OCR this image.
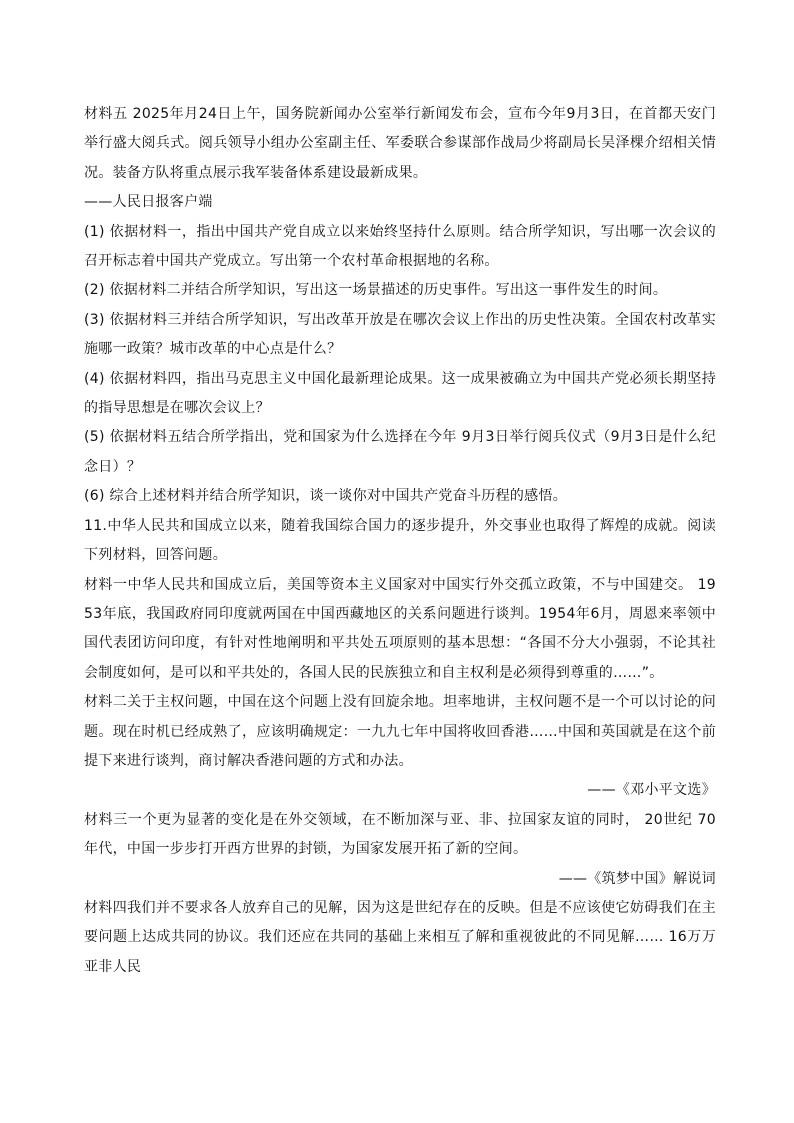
材料五 2025年月24日上午，国务院新闻办公室举行新闻发布会，宣布今年9月3日，在首都天安门举行盛大阅兵式。阅兵领导小组办公室副主任、军委联合参谋部作战局少将副局长吴泽棵介绍相关情况。装备方队将重点展示我军装备体系建设最新成果。

——人民日报客户端

(1) 依据材料一，指出中国共产党自成立以来始终坚持什么原则。结合所学知识，写出哪一次会议的召开标志着中国共产党成立。写出第一个农村革命根据地的名称。

(2) 依据材料二并结合所学知识，写出这一场景描述的历史事件。写出这一事件发生的时间。

(3) 依据材料三并结合所学知识，写出改革开放是在哪次会议上作出的历史性决策。全国农村改革实施哪一政策？城市改革的中心点是什么？

(4) 依据材料四，指出马克思主义中国化最新理论成果。这一成果被确立为中国共产党必须长期坚持的指导思想是在哪次会议上？

(5) 依据材料五结合所学指出，党和国家为什么选择在今年 9月3日举行阅兵仪式（9月3日是什么纪念日）？

(6) 综合上述材料并结合所学知识，谈一谈你对中国共产党奋斗历程的感悟。

11.中华人民共和国成立以来，随着我国综合国力的逐步提升，外交事业也取得了辉煌的成就。阅读下列材料，回答问题。

材料一中华人民共和国成立后，美国等资本主义国家对中国实行外交孤立政策，不与中国建交。 1953年底，我国政府同印度就两国在中国西藏地区的关系问题进行谈判。1954年6月，周恩来率领中国代表团访问印度，有针对性地阐明和平共处五项原则的基本思想：“各国不分大小强弱，不论其社会制度如何，是可以和平共处的，各国人民的民族独立和自主权利是必须得到尊重的……”。

材料二关于主权问题，中国在这个问题上没有回旋余地。坦率地讲，主权问题不是一个可以讨论的问题。现在时机已经成熟了，应该明确规定：一九九七年中国将收回香港……中国和英国就是在这个前提下来进行谈判，商讨解决香港问题的方式和办法。

——《邓小平文选》

材料三一个更为显著的变化是在外交领域，在不断加深与亚、非、拉国家友谊的同时， 20世纪 70年代，中国一步步打开西方世界的封锁，为国家发展开拓了新的空间。

——《筑梦中国》解说词

材料四我们并不要求各人放弃自己的见解，因为这是世纪存在的反映。但是不应该使它妨碍我们在主要问题上达成共同的协议。我们还应在共同的基础上来相互了解和重视彼此的不同见解…… 16万万亚非人民
